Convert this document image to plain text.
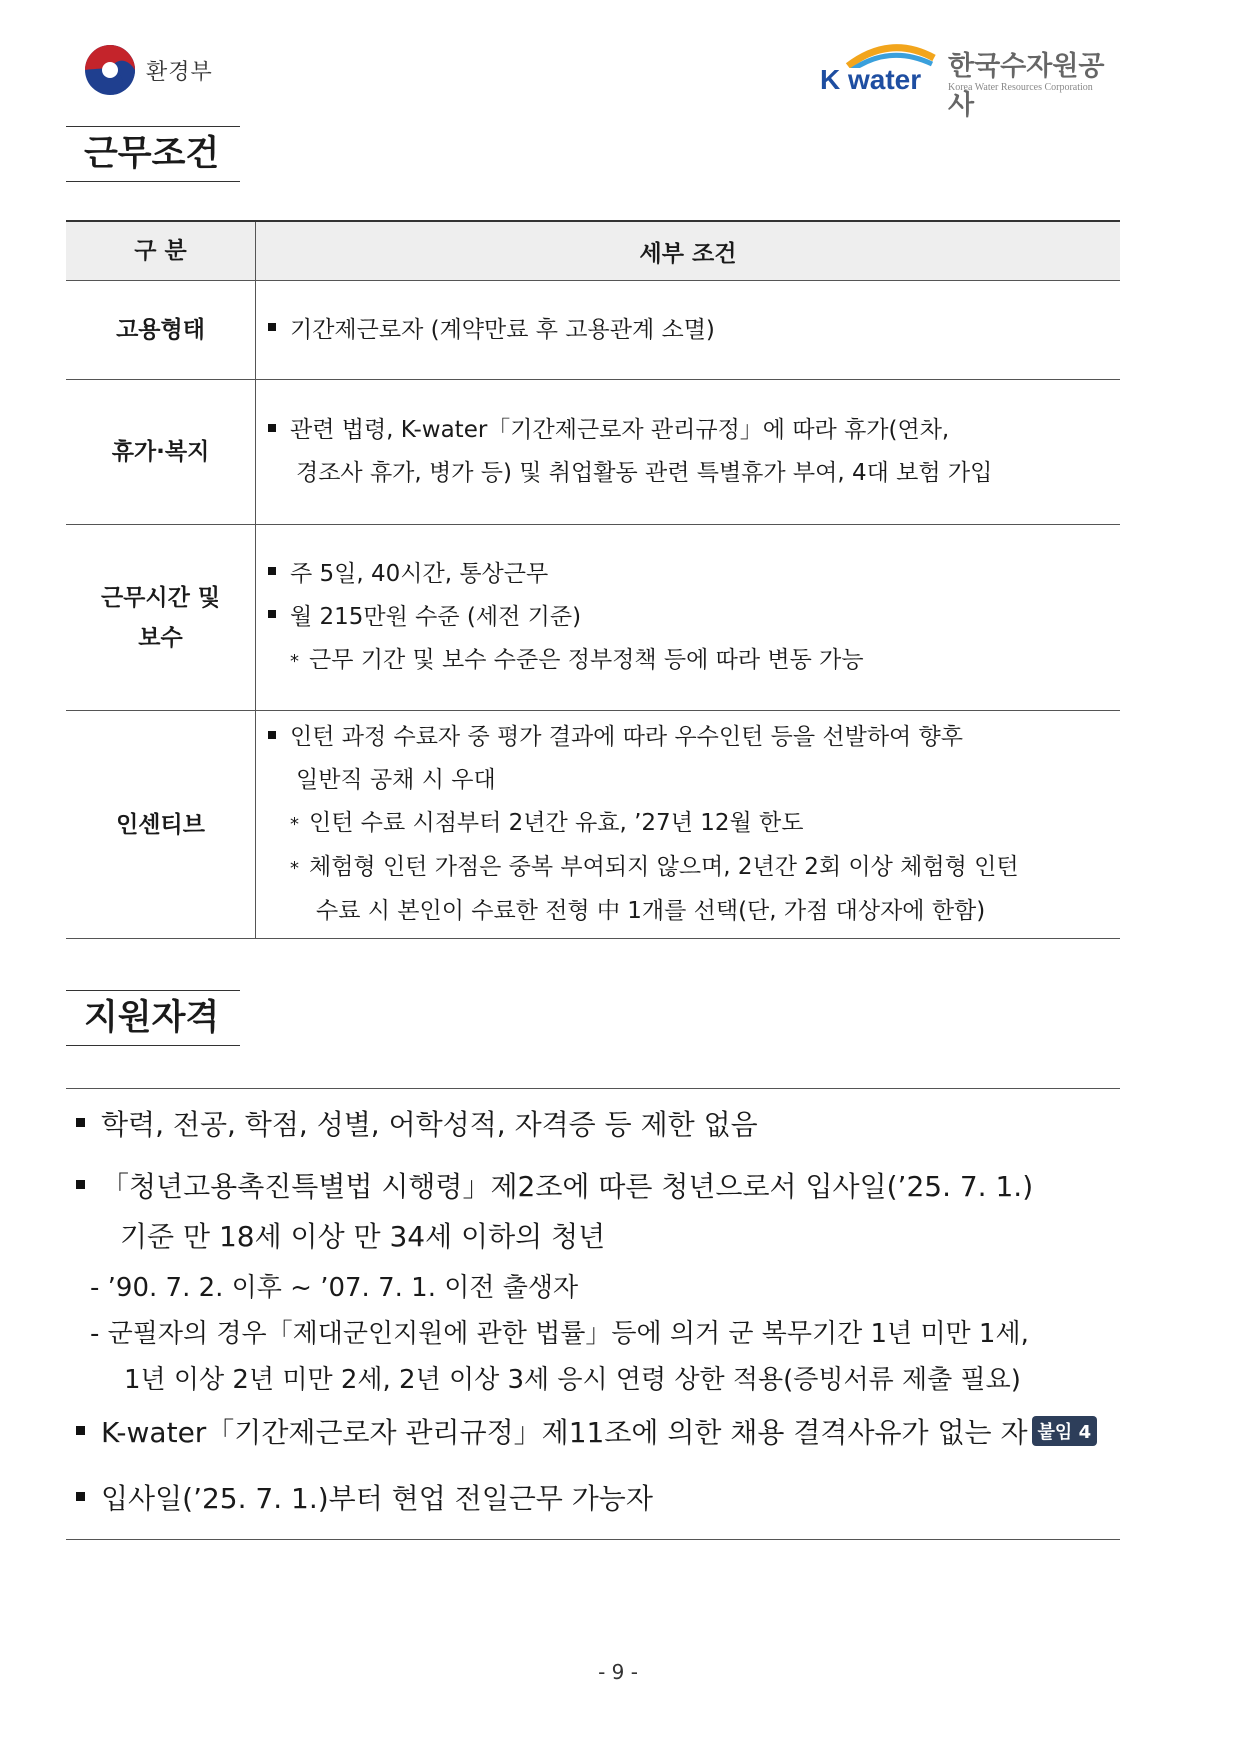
환경부	K water 한국수자원공사
Korea Water Resources Corporation
근무조건
구 분	세부 조건
고용형태	기간제근로자 (계약만료 후 고용관계 소멸)

휴가·복지	관련 법령, K-water「기간제근로자 관리규정」에 따라 휴가(연차,
경조사 휴가, 병가 등) 및 취업활동 관련 특별휴가 부여, 4대 보험 가입

근무시간 및
보수	주 5일, 40시간, 통상근무
월 215만원 수준 (세전 기준)
* 근무 기간 및 보수 수준은 정부정책 등에 따라 변동 가능

인센티브	인턴 과정 수료자 중 평가 결과에 따라 우수인턴 등을 선발하여 향후
일반직 공채 시 우대
* 인턴 수료 시점부터 2년간 유효, ’27년 12월 한도
* 체험형 인턴 가점은 중복 부여되지 않으며, 2년간 2회 이상 체험형 인턴
수료 시 본인이 수료한 전형 中 1개를 선택(단, 가점 대상자에 한함)
지원자격
학력, 전공, 학점, 성별, 어학성적, 자격증 등 제한 없음
「청년고용촉진특별법 시행령」제2조에 따른 청년으로서 입사일(’25. 7. 1.)
기준 만 18세 이상 만 34세 이하의 청년
- ’90. 7. 2. 이후 ~ ’07. 7. 1. 이전 출생자
- 군필자의 경우「제대군인지원에 관한 법률」등에 의거 군 복무기간 1년 미만 1세,
1년 이상 2년 미만 2세, 2년 이상 3세 응시 연령 상한 적용(증빙서류 제출 필요)
K-water「기간제근로자 관리규정」제11조에 의한 채용 결격사유가 없는 자 붙임 4
입사일(’25. 7. 1.)부터 현업 전일근무 가능자
- 9 -
